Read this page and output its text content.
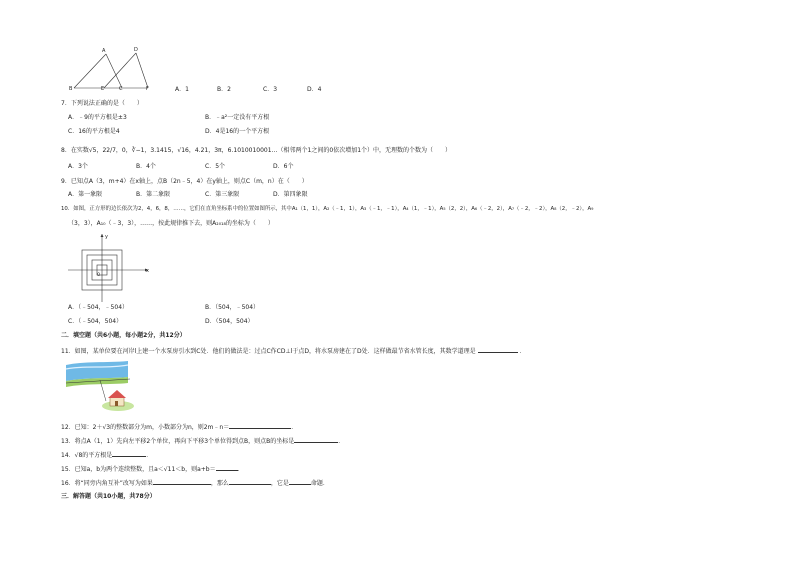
A	D
B	E	C	F	A．1	B．2	C．3	D．4
7．下列说法正确的是（　　）
A．﹣9的平方根是±3	B．﹣a²一定没有平方根
C．16的平方根是4	D．4是16的一个平方根
8．在实数√5，22/7，0，∛−1，3.1415，√16，4.21，3π，6.1010010001…（相邻两个1之间的0依次增加1个）中，无理数的个数为（　　）
A．3个	B．4个	C．5个	D．6个
9．已知点A（3，m+4）在x轴上，点B（2n﹣5，4）在y轴上，则点C（m，n）在（　　）
A．第一象限	B．第二象限	C．第三象限	D．第四象限
10．如图，正方形的边长依次为2，4，6，8，……，它们在直角坐标系中的位置如图所示，其中A₁（1，1），A₂（﹣1，1），A₃（﹣1，﹣1），A₄（1，﹣1），A₅（2，2），A₆（﹣2，2），A₇（﹣2，﹣2），A₈（2，﹣2），A₉
（3，3），A₁₀（﹣3，3），……，按此规律推下去，则A₂₀₁₈的坐标为（　　）
y
x
O
A．（﹣504，﹣504）	B．（504，﹣504）
C．（﹣504，504）	D．（504，504）
二．填空题（共6小题，每小题2分，共12分）
11．如图，某单位要在河岸l上建一个水泵房引水到C处．他们的做法是：过点C作CD⊥l于点D，将水泵房建在了D处．这样做最节省水管长度，其数学道理是	．
12．已知：2＋√3的整数部分为m，小数部分为n，则2m﹣n＝	．
13．将点A（1，1）先向左平移2个单位，再向下平移3个单位得到点B，则点B的坐标是	．
14．√8的平方根是	．
15．已知a，b为两个连续整数，且a＜√11＜b，则a+b＝	．
16．将“同旁内角互补”改写为如果	，那么	，它是	命题．
三．解答题（共10小题，共78分）
